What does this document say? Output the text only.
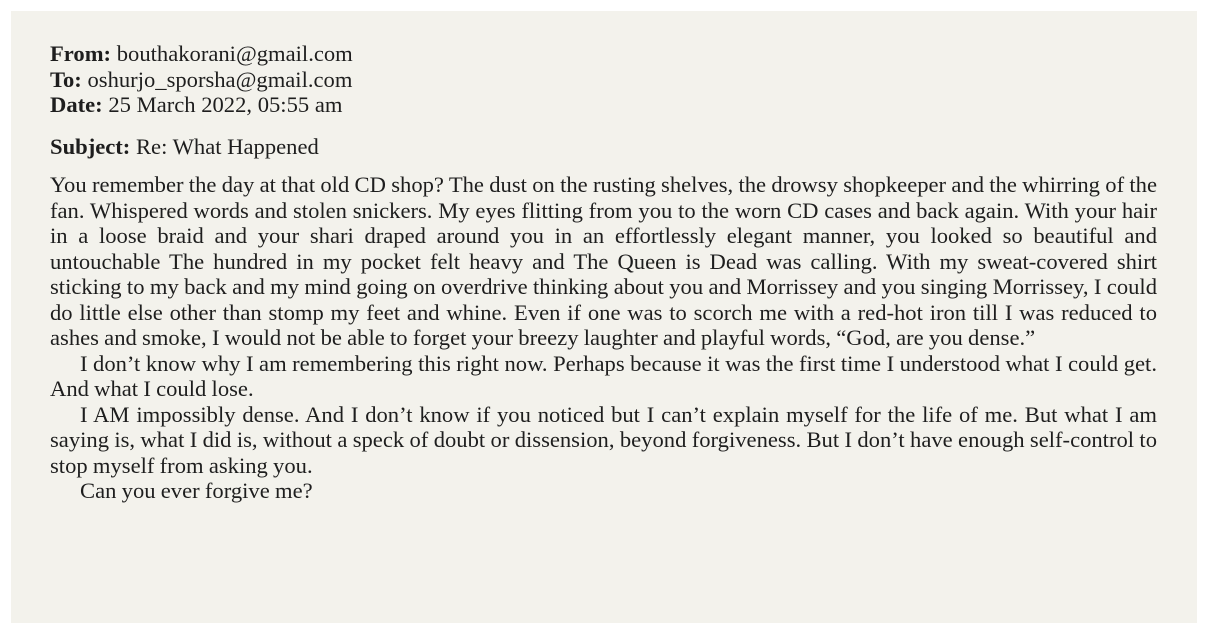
From: bouthakorani@gmail.com

To: oshurjo_sporsha@gmail.com

Date: 25 March 2022, 05:55 am

Subject: Re: What Happened

You remember the day at that old CD shop? The dust on the rusting shelves, the drowsy shopkeeper and the whirring of the fan. Whispered words and stolen snickers. My eyes flitting from you to the worn CD cases and back again. With your hair in a loose braid and your shari draped around you in an effortlessly elegant manner, you looked so beautiful and untouchable The hundred in my pocket felt heavy and The Queen is Dead was calling. With my sweat-covered shirt sticking to my back and my mind going on overdrive thinking about you and Morrissey and you singing Morrissey, I could do little else other than stomp my feet and whine. Even if one was to scorch me with a red-hot iron till I was reduced to ashes and smoke, I would not be able to forget your breezy laughter and playful words, “God, are you dense.”

I don’t know why I am remembering this right now. Perhaps because it was the first time I understood what I could get. And what I could lose.

I AM impossibly dense. And I don’t know if you noticed but I can’t explain myself for the life of me. But what I am saying is, what I did is, without a speck of doubt or dissension, beyond forgiveness. But I don’t have enough self-control to stop myself from asking you.

Can you ever forgive me?
